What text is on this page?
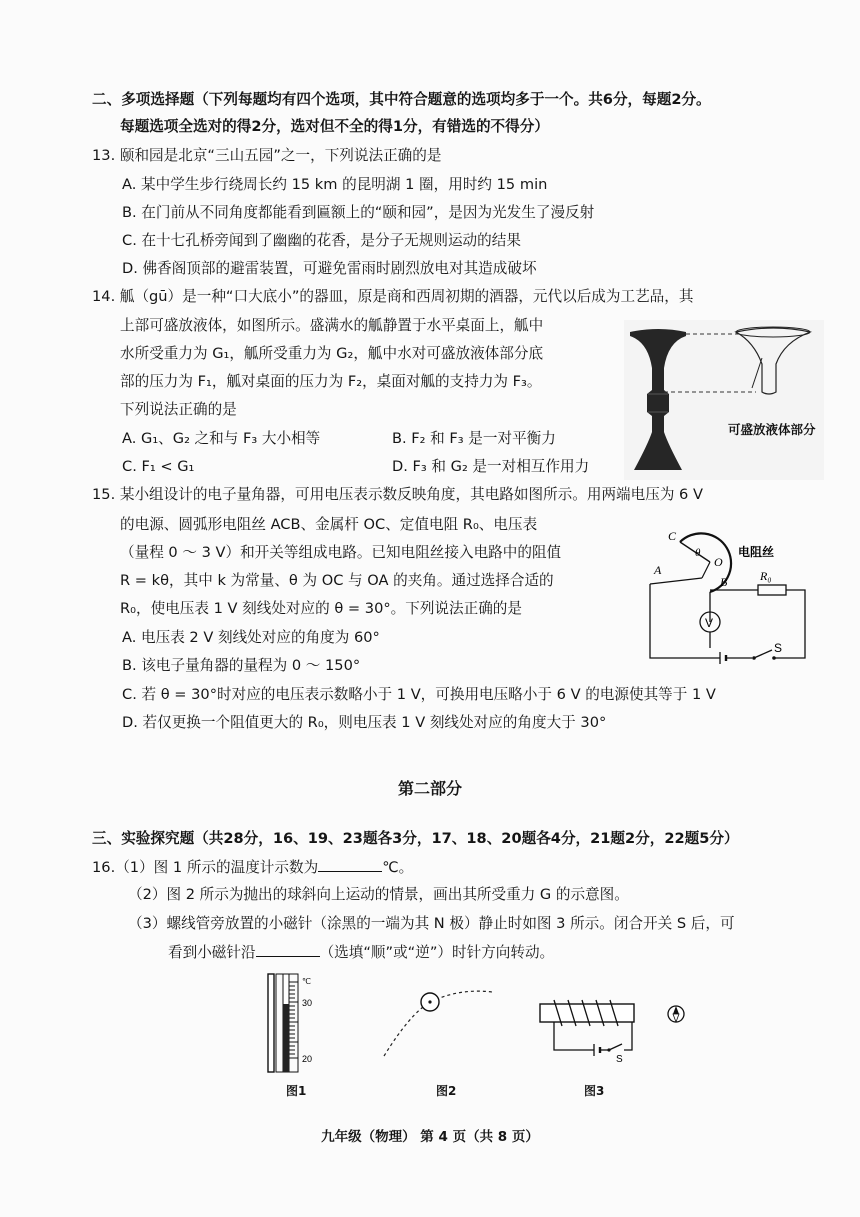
二、多项选择题（下列每题均有四个选项，其中符合题意的选项均多于一个。共6分，每题2分。
每题选项全选对的得2分，选对但不全的得1分，有错选的不得分）
13. 颐和园是北京“三山五园”之一，下列说法正确的是
A. 某中学生步行绕周长约 15 km 的昆明湖 1 圈，用时约 15 min
B. 在门前从不同角度都能看到匾额上的“颐和园”，是因为光发生了漫反射
C. 在十七孔桥旁闻到了幽幽的花香，是分子无规则运动的结果
D. 佛香阁顶部的避雷装置，可避免雷雨时剧烈放电对其造成破坏
14. 觚（gū）是一种“口大底小”的器皿，原是商和西周初期的酒器，元代以后成为工艺品，其
上部可盛放液体，如图所示。盛满水的觚静置于水平桌面上，觚中
水所受重力为 G₁，觚所受重力为 G₂，觚中水对可盛放液体部分底
部的压力为 F₁，觚对桌面的压力为 F₂，桌面对觚的支持力为 F₃。
下列说法正确的是
A. G₁、G₂ 之和与 F₃ 大小相等	B. F₂ 和 F₃ 是一对平衡力
C. F₁ < G₁	D. F₃ 和 G₂ 是一对相互作用力
可盛放液体部分
15. 某小组设计的电子量角器，可用电压表示数反映角度，其电路如图所示。用两端电压为 6 V
的电源、圆弧形电阻丝 ACB、金属杆 OC、定值电阻 R₀、电压表
（量程 0 ～ 3 V）和开关等组成电路。已知电阻丝接入电路中的阻值
R = kθ，其中 k 为常量、θ 为 OC 与 OA 的夹角。通过选择合适的
R₀，使电压表 1 V 刻线处对应的 θ = 30°。下列说法正确的是
A. 电压表 2 V 刻线处对应的角度为 60°
B. 该电子量角器的量程为 0 ～ 150°
C. 若 θ = 30°时对应的电压表示数略小于 1 V，可换用电压略小于 6 V 的电源使其等于 1 V
D. 若仅更换一个阻值更大的 R₀，则电压表 1 V 刻线处对应的角度大于 30°
V
C
θ
O
A
B
电阻丝
R₀
S
第二部分
三、实验探究题（共28分，16、19、23题各3分，17、18、20题各4分，21题2分，22题5分）
16.（1）图 1 所示的温度计示数为	℃。
（2）图 2 所示为抛出的球斜向上运动的情景，画出其所受重力 G 的示意图。
（3）螺线管旁放置的小磁针（涂黑的一端为其 N 极）静止时如图 3 所示。闭合开关 S 后，可
看到小磁针沿	（选填“顺”或“逆”）时针方向转动。
℃
30
20
图1	图2
S
图3
九年级（物理） 第 4 页（共 8 页）
